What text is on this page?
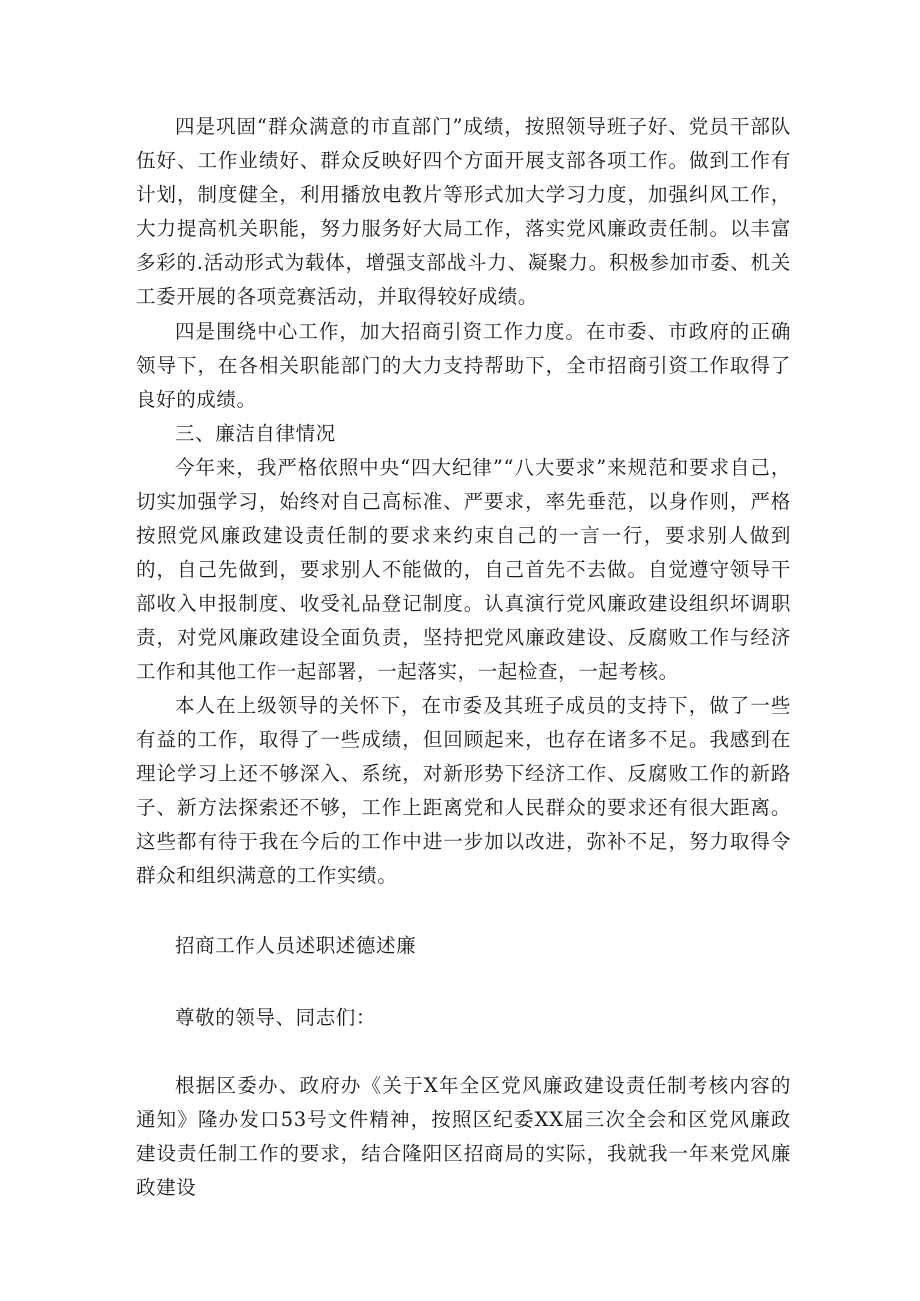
四是巩固“群众满意的市直部门”成绩，按照领导班子好、党员干部队伍好、工作业绩好、群众反映好四个方面开展支部各项工作。做到工作有计划，制度健全，利用播放电教片等形式加大学习力度，加强纠风工作，大力提高机关职能，努力服务好大局工作，落实党风廉政责任制。以丰富多彩的.活动形式为载体，增强支部战斗力、凝聚力。积极参加市委、机关工委开展的各项竞赛活动，并取得较好成绩。

四是围绕中心工作，加大招商引资工作力度。在市委、市政府的正确领导下，在各相关职能部门的大力支持帮助下，全市招商引资工作取得了良好的成绩。

三、廉洁自律情况

今年来，我严格依照中央“四大纪律”“八大要求”来规范和要求自己，切实加强学习，始终对自己高标准、严要求，率先垂范，以身作则，严格按照党风廉政建设责任制的要求来约束自己的一言一行，要求别人做到的，自己先做到，要求别人不能做的，自己首先不去做。自觉遵守领导干部收入申报制度、收受礼品登记制度。认真演行党风廉政建设组织坏调职责，对党风廉政建设全面负责，坚持把党风廉政建设、反腐败工作与经济工作和其他工作一起部署，一起落实，一起检查，一起考核。

本人在上级领导的关怀下，在市委及其班子成员的支持下，做了一些有益的工作，取得了一些成绩，但回顾起来，也存在诸多不足。我感到在理论学习上还不够深入、系统，对新形势下经济工作、反腐败工作的新路子、新方法探索还不够，工作上距离党和人民群众的要求还有很大距离。这些都有待于我在今后的工作中进一步加以改进，弥补不足，努力取得令群众和组织满意的工作实绩。

招商工作人员述职述德述廉

尊敬的领导、同志们：

根据区委办、政府办《关于X年全区党风廉政建设责任制考核内容的通知》隆办发口53号文件精神，按照区纪委XX届三次全会和区党风廉政建设责任制工作的要求，结合隆阳区招商局的实际，我就我一年来党风廉政建设
